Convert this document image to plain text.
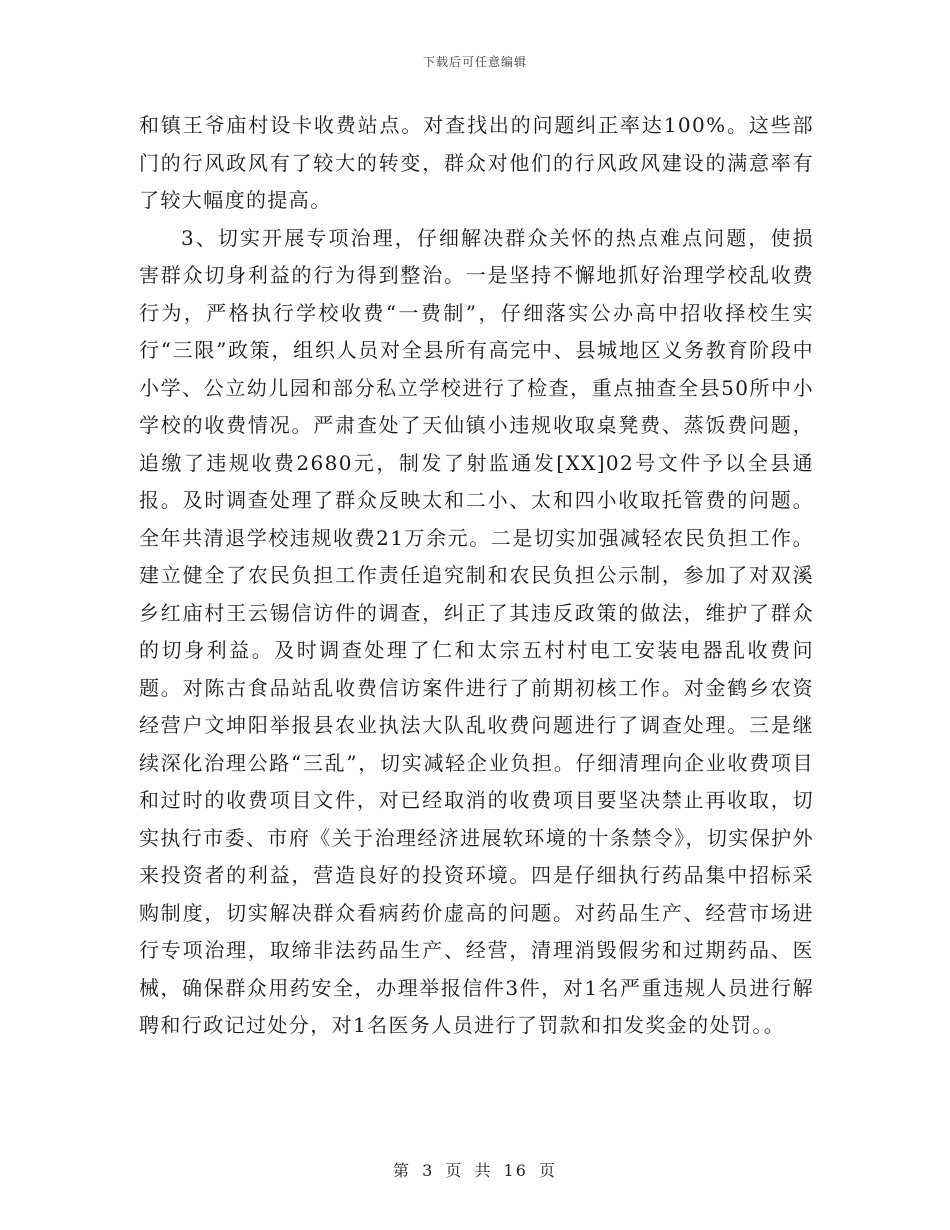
下载后可任意编辑

和镇王爷庙村设卡收费站点。对查找出的问题纠正率达100%。这些部门的行风政风有了较大的转变，群众对他们的行风政风建设的满意率有了较大幅度的提高。

3、切实开展专项治理，仔细解决群众关怀的热点难点问题，使损害群众切身利益的行为得到整治。一是坚持不懈地抓好治理学校乱收费行为，严格执行学校收费“一费制”，仔细落实公办高中招收择校生实行“三限”政策，组织人员对全县所有高完中、县城地区义务教育阶段中小学、公立幼儿园和部分私立学校进行了检查，重点抽查全县50所中小学校的收费情况。严肃查处了天仙镇小违规收取桌凳费、蒸饭费问题，追缴了违规收费2680元，制发了射监通发[XX]02号文件予以全县通报。及时调查处理了群众反映太和二小、太和四小收取托管费的问题。全年共清退学校违规收费21万余元。二是切实加强减轻农民负担工作。建立健全了农民负担工作责任追究制和农民负担公示制，参加了对双溪乡红庙村王云锡信访件的调查，纠正了其违反政策的做法，维护了群众的切身利益。及时调查处理了仁和太宗五村村电工安装电器乱收费问题。对陈古食品站乱收费信访案件进行了前期初核工作。对金鹤乡农资经营户文坤阳举报县农业执法大队乱收费问题进行了调查处理。三是继续深化治理公路“三乱”，切实减轻企业负担。仔细清理向企业收费项目和过时的收费项目文件，对已经取消的收费项目要坚决禁止再收取，切实执行市委、市府《关于治理经济进展软环境的十条禁令》，切实保护外来投资者的利益，营造良好的投资环境。四是仔细执行药品集中招标采购制度，切实解决群众看病药价虚高的问题。对药品生产、经营市场进行专项治理，取缔非法药品生产、经营，清理消毁假劣和过期药品、医械，确保群众用药安全，办理举报信件3件，对1名严重违规人员进行解聘和行政记过处分，对1名医务人员进行了罚款和扣发奖金的处罚。。

第 3 页 共 16 页
